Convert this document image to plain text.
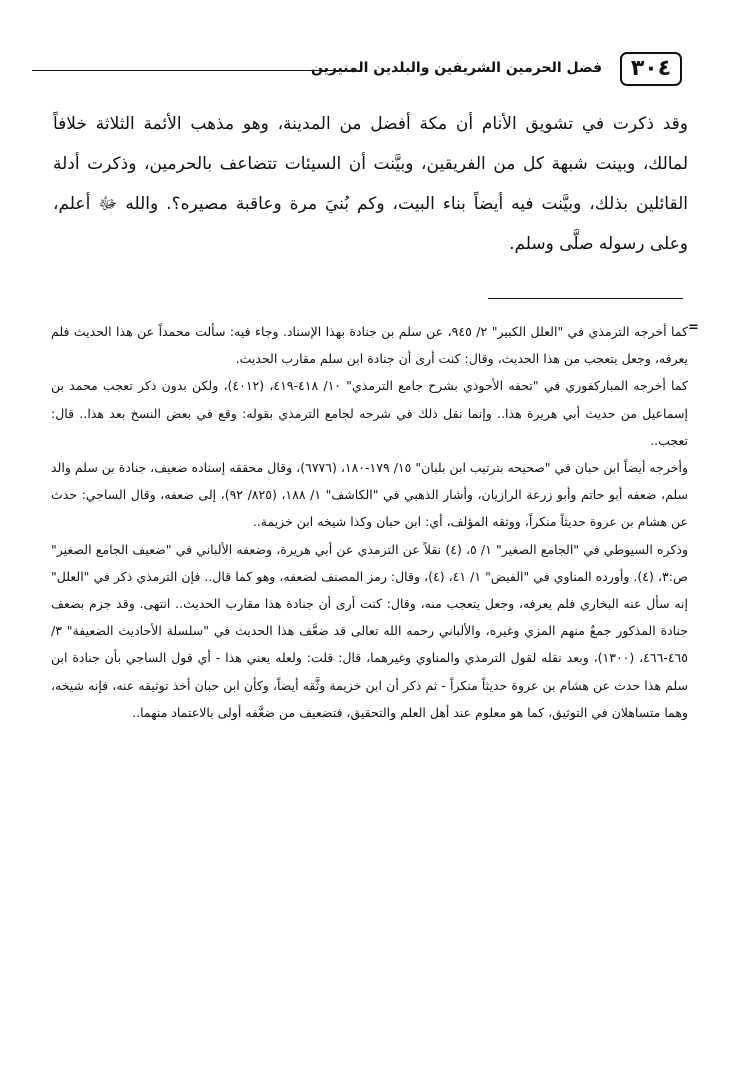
٣٠٤
فضل الحرمين الشريفين والبلدين المنيرين

وقد ذكرت في تشويق الأنام أن مكة أفضل من المدينة، وهو مذهب الأئمة الثلاثة خلافاً لمالك، وبينت شبهة كل من الفريقين، وبيَّنت أن السيئات تتضاعف بالحرمين، وذكرت أدلة القائلين بذلك، وبيَّنت فيه أيضاً بناء البيت، وكم بُنيَ مرة وعاقبة مصيره؟. والله ﷻ أعلم، وعلى رسوله صلَّى وسلم.

=

كما أخرجه الترمذي في "العلل الكبير" ٢/ ٩٤٥، عن سلم بن جنادة بهذا الإسناد. وجاء فيه: سألت محمداً عن هذا الحديث فلم يعرفه، وجعل يتعجب من هذا الحديث، وقال: كنت أرى أن جنادة ابن سلم مقارب الحديث.

كما أخرجه المباركفوري في "تحفه الأحوذي بشرح جامع الترمذي" ١٠/ ٤١٨-٤١٩، (٤٠١٢)، ولكن بدون ذكر تعجب محمد بن إسماعيل من حديث أبي هريرة هذا.. وإنما نقل ذلك في شرحه لجامع الترمذي بقوله: وقع في بعض النسخ بعد هذا.. قال: تعجب..

وأخرجه أيضاً ابن حبان في "صحيحه بترتيب ابن بلبان" ١٥/ ١٧٩-١٨٠، (٦٧٧٦)، وقال محققه إسناده ضعيف، جنادة بن سلم والد سلم، ضعفه أبو حاتم وأبو زرعة الرازيان، وأشار الذهبي في "الكاشف" ١/ ١٨٨، (٨٢٥/ ٩٢)، إلى ضعفه، وقال الساجي: حدث عن هشام بن عروة حديثاً منكراً، ووثقه المؤلف، أي: ابن حبان وكذا شيخه ابن خزيمة..

وذكره السيوطي في "الجامع الصغير" ١/ ٥، (٤) نقلاً عن الترمذي عن أبي هريرة، وضعفه الألباني في "ضعيف الجامع الصغير" ص:٣، (٤). وأورده المناوي في "الفيض" ١/ ٤١، (٤)، وقال: رمز المصنف لضعفه، وهو كما قال.. فإن الترمذي ذكر في "العلل" إنه سأل عنه البخاري فلم يعرفه، وجعل يتعجب منه، وقال: كنت أرى أن جنادة هذا مقارب الحديث.. انتهى. وقد جزم بضعف جنادة المذكور جمعٌ منهم المزي وغيره، والألباني رحمه الله تعالى قد ضعَّف هذا الحديث في "سلسلة الأحاديث الضعيفة" ٣/ ٤٦٥-٤٦٦، (١٣٠٠)، وبعد نقله لقول الترمذي والمناوي وغيرهما، قال: قلت: ولعله يعني هذا - أي قول الساجي بأن جنادة ابن سلم هذا حدث عن هشام بن عروة حديثاً منكراً - ثم ذكر أن ابن خزيمة وثَّقه أيضاً، وكأن ابن حبان أخذ توثيقه عنه، فإنه شيخه، وهما متساهلان في التوثيق، كما هو معلوم عند أهل العلم والتحقيق، فتضعيف من ضعَّفه أولى بالاعتماد منهما..
